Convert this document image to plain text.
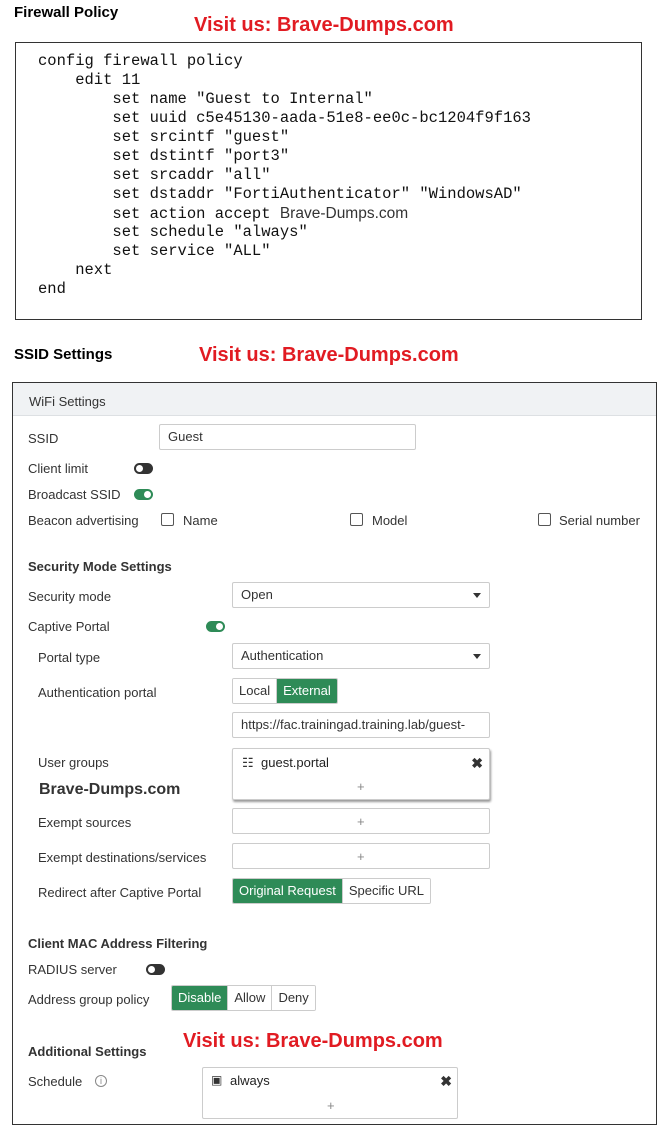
Firewall Policy
Visit us: Brave-Dumps.com
config firewall policy
edit 11
set name "Guest to Internal"
set uuid c5e45130-aada-51e8-ee0c-bc1204f9f163
set srcintf "guest"
set dstintf "port3"
set srcaddr "all"
set dstaddr "FortiAuthenticator" "WindowsAD"
set action accept Brave-Dumps.com
set schedule "always"
set service "ALL"
next
end
SSID Settings	Visit us: Brave-Dumps.com
WiFi Settings
SSID	Guest
Client limit
Broadcast SSID
Beacon advertising	Name	Model	Serial number
Security Mode Settings
Security mode	Open
Captive Portal
Portal type	Authentication
Authentication portal	Local	External
https://fac.trainingad.training.lab/guest-
User groups	☷ guest.portal	✖
+
Brave-Dumps.com
Exempt sources	+
Exempt destinations/services	+
Redirect after Captive Portal	Original Request	Specific URL
Client MAC Address Filtering
RADIUS server
Address group policy	Disable	Allow	Deny
Additional Settings
Schedule	i	▣ always	✖
+
Visit us: Brave-Dumps.com
